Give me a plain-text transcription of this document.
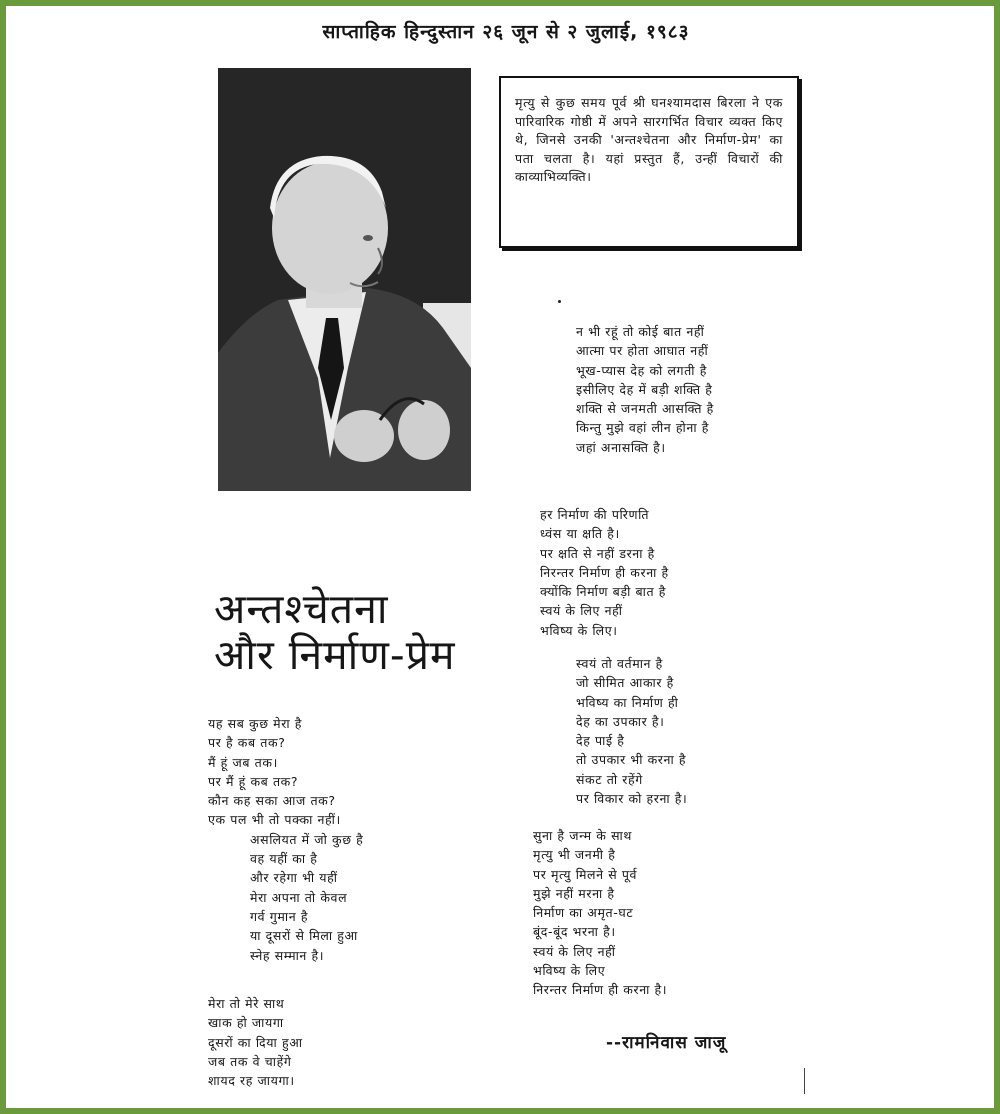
साप्ताहिक हिन्दुस्तान २६ जून से २ जुलाई, १९८३

मृत्यु से कुछ समय पूर्व श्री घनश्यामदास बिरला ने एक पारिवारिक गोष्ठी में अपने सारगर्भित विचार व्यक्त किए थे, जिनसे उनकी 'अन्तश्चेतना और निर्माण-प्रेम' का पता चलता है। यहां प्रस्तुत हैं, उन्हीं विचारों की काव्याभिव्यक्ति।

न भी रहूं तो कोई बात नहीं
आत्मा पर होता आघात नहीं
भूख-प्यास देह को लगती है
इसीलिए देह में बड़ी शक्ति है
शक्ति से जनमती आसक्ति है
किन्तु मुझे वहां लीन होना है
जहां अनासक्ति है।
हर निर्माण की परिणति
ध्वंस या क्षति है।
पर क्षति से नहीं डरना है
निरन्तर निर्माण ही करना है
क्योंकि निर्माण बड़ी बात है
स्वयं के लिए नहीं
भविष्य के लिए।
अन्तश्चेतना
और निर्माण-प्रेम	स्वयं तो वर्तमान है
जो सीमित आकार है
भविष्य का निर्माण ही
देह का उपकार है।
देह पाई है
तो उपकार भी करना है
संकट तो रहेंगे
पर विकार को हरना है।
यह सब कुछ मेरा है
पर है कब तक?
मैं हूं जब तक।
पर मैं हूं कब तक?
कौन कह सका आज तक?
एक पल भी तो पक्का नहीं।
असलियत में जो कुछ है
वह यहीं का है
और रहेगा भी यहीं
मेरा अपना तो केवल
गर्व गुमान है
या दूसरों से मिला हुआ
स्नेह सम्मान है।
सुना है जन्म के साथ
मृत्यु भी जनमी है
पर मृत्यु मिलने से पूर्व
मुझे नहीं मरना है
निर्माण का अमृत-घट
बूंद-बूंद भरना है।
स्वयं के लिए नहीं
भविष्य के लिए
निरन्तर निर्माण ही करना है।
मेरा तो मेरे साथ
खाक हो जायगा
दूसरों का दिया हुआ
जब तक वे चाहेंगे
शायद रह जायगा।
--रामनिवास जाजू
